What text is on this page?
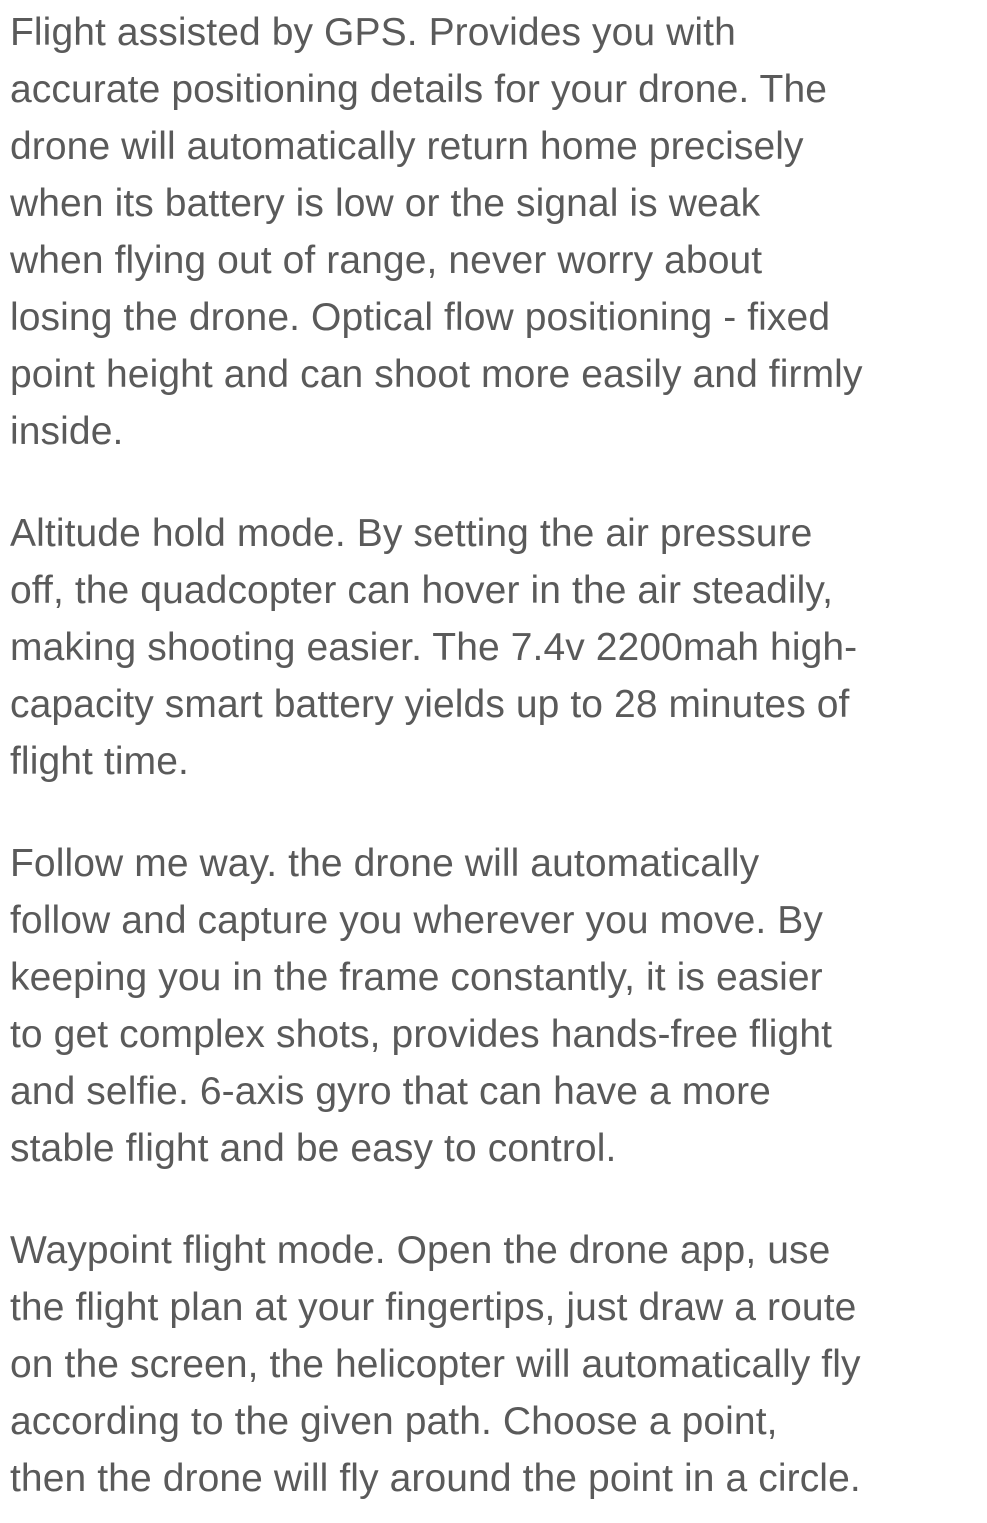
Flight assisted by GPS. Provides you with
accurate positioning details for your drone. The
drone will automatically return home precisely
when its battery is low or the signal is weak
when flying out of range, never worry about
losing the drone. Optical flow positioning - fixed
point height and can shoot more easily and firmly
inside.

Altitude hold mode. By setting the air pressure
off, the quadcopter can hover in the air steadily,
making shooting easier. The 7.4v 2200mah high-
capacity smart battery yields up to 28 minutes of
flight time.

Follow me way. the drone will automatically
follow and capture you wherever you move. By
keeping you in the frame constantly, it is easier
to get complex shots, provides hands-free flight
and selfie. 6-axis gyro that can have a more
stable flight and be easy to control.

Waypoint flight mode. Open the drone app, use
the flight plan at your fingertips, just draw a route
on the screen, the helicopter will automatically fly
according to the given path. Choose a point,
then the drone will fly around the point in a circle.
